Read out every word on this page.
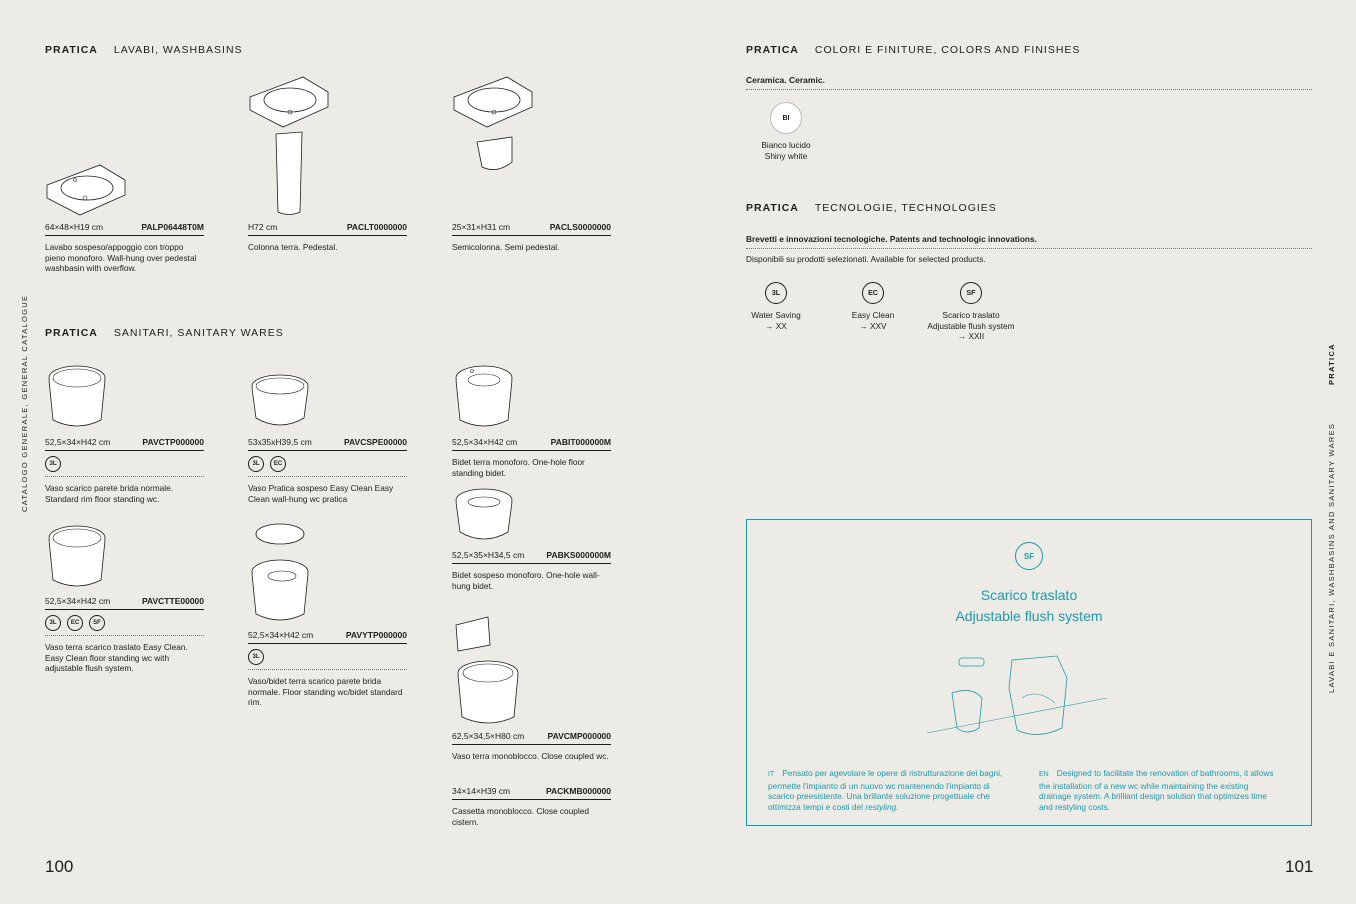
PRATICA LAVABI, WASHBASINS
64×48×H19 cm	PALP06448T0M
Lavabo sospeso/appoggio con troppo pieno monoforo. Wall-hung over pedestal washbasin with overflow.
H72 cm	PACLT0000000
Colonna terra. Pedestal.
25×31×H31 cm	PACLS0000000
Semicolonna. Semi pedestal.
PRATICA SANITARI, SANITARY WARES
52,5×34×H42 cm	PAVCTP000000
3L
Vaso scarico parete brida normale. Standard rim floor standing wc.
53x35xH39,5 cm	PAVCSPE00000
3L	EC
Vaso Pratica sospeso Easy Clean Easy Clean wall-hung wc pratica
52,5×34×H42 cm	PABIT000000M
Bidet terra monoforo. One-hole floor standing bidet.
52,5×35×H34,5 cm	PABKS000000M
Bidet sospeso monoforo. One-hole wall-hung bidet.
52,5×34×H42 cm	PAVCTTE00000
3L	EC	SF
Vaso terra scarico traslato Easy Clean. Easy Clean floor standing wc with adjustable flush system.
52,5×34×H42 cm	PAVYTP000000
3L
Vaso/bidet terra scarico parete brida normale. Floor standing wc/bidet standard rim.
62,5×34,5×H80 cm	PAVCMP000000
Vaso terra monoblocco. Close coupled wc.
34×14×H39 cm	PACKMB000000
Cassetta monoblocco. Close coupled cistern.
CATALOGO GENERALE, GENERAL CATALOGUE
100
PRATICA COLORI E FINITURE, COLORS AND FINISHES
Ceramica. Ceramic.
BI
Bianco lucido
Shiny white
PRATICA TECNOLOGIE, TECHNOLOGIES
Brevetti e innovazioni tecnologiche. Patents and technologic innovations.
Disponibili su prodotti selezionati. Available for selected products.
3L
Water Saving
→ XX
EC
Easy Clean
→ XXV
SF
Scarico traslato
Adjustable flush system
→ XXII
SF
Scarico traslato
Adjustable flush system
IT Pensato per agevolare le opere di ristrutturazione dei bagni, permette l'impianto di un nuovo wc mantenendo l'impianto di scarico preesistente. Una brillante soluzione progettuale che ottimizza tempi e costi del restyling.
EN Designed to facilitate the renovation of bathrooms, it allows the installation of a new wc while maintaining the existing drainage system. A brilliant design solution that optimizes time and restyling costs.
PRATICA
LAVABI E SANITARI, WASHBASINS AND SANITARY WARES
101
